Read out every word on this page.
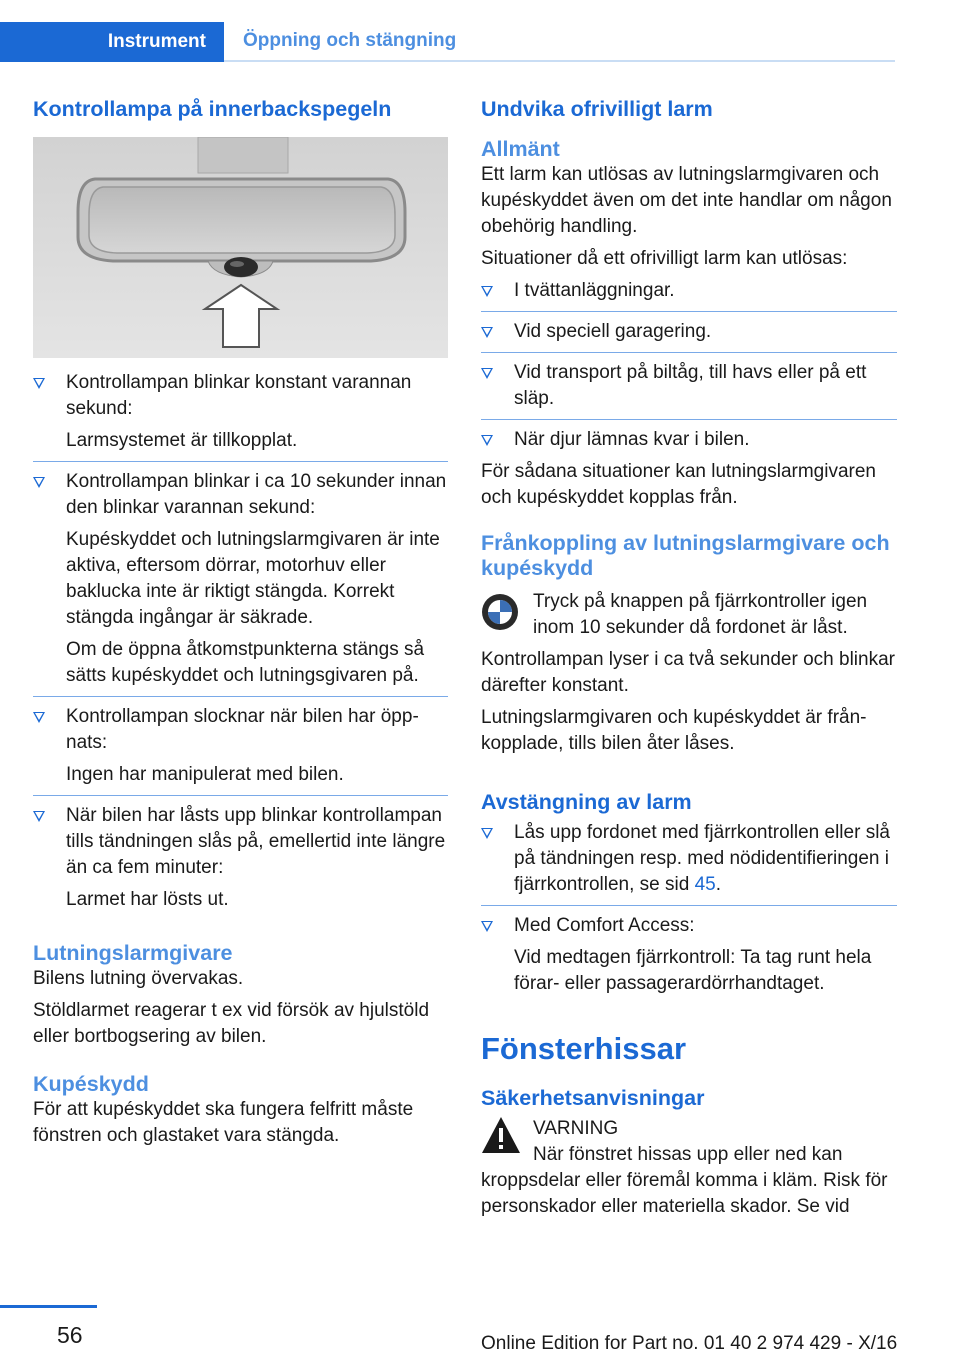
Instrument Öppning och stängning
Kontrollampa på innerbackspegeln
Kontrollampan blinkar konstant varannan sekund:
Larmsystemet är tillkopplat.
Kontrollampan blinkar i ca 10 sekunder innan den blinkar varannan sekund:
Kupéskyddet och lutningslarmgivaren är inte aktiva, eftersom dörrar, motorhuv eller baklucka inte är riktigt stängda. Korrekt stängda ingångar är säkrade.
Om de öppna åtkomstpunkterna stängs så sätts kupéskyddet och lutningsgivaren på.
Kontrollampan slocknar när bilen har öppnats:
Ingen har manipulerat med bilen.
När bilen har låsts upp blinkar kontrollampan tills tändningen slås på, emellertid inte längre än ca fem minuter:
Larmet har lösts ut.
Lutningslarmgivare

Bilens lutning övervakas.

Stöldlarmet reagerar t ex vid försök av hjulstöld eller bortbogsering av bilen.

Kupéskydd

För att kupéskyddet ska fungera felfritt måste fönstren och glastaket vara stängda.

Undvika ofrivilligt larm
Allmänt

Ett larm kan utlösas av lutningslarmgivaren och kupéskyddet även om det inte handlar om någon obehörig handling.

Situationer då ett ofrivilligt larm kan utlösas:

I tvättanläggningar.
Vid speciell garagering.
Vid transport på biltåg, till havs eller på ett släp.
När djur lämnas kvar i bilen.

För sådana situationer kan lutningslarmgivaren och kupéskyddet kopplas från.

Frånkoppling av lutningslarmgivare och kupéskydd

Tryck på knappen på fjärrkontroller igen inom 10 sekunder då fordonet är låst.

Kontrollampan lyser i ca två sekunder och blinkar därefter konstant.

Lutningslarmgivaren och kupéskyddet är frånkopplade, tills bilen åter låses.

Avstängning av larm
Lås upp fordonet med fjärrkontrollen eller slå på tändningen resp. med nödidentifieringen i fjärrkontrollen, se sid 45.
Med Comfort Access:
Vid medtagen fjärrkontroll: Ta tag runt hela förar- eller passagerardörrhandtaget.
Fönsterhissar
Säkerhetsanvisningar

VARNING

När fönstret hissas upp eller ned kan

kroppsdelar eller föremål komma i kläm. Risk för personskador eller materiella skador. Se vid

56	Online Edition for Part no. 01 40 2 974 429 - X/16
